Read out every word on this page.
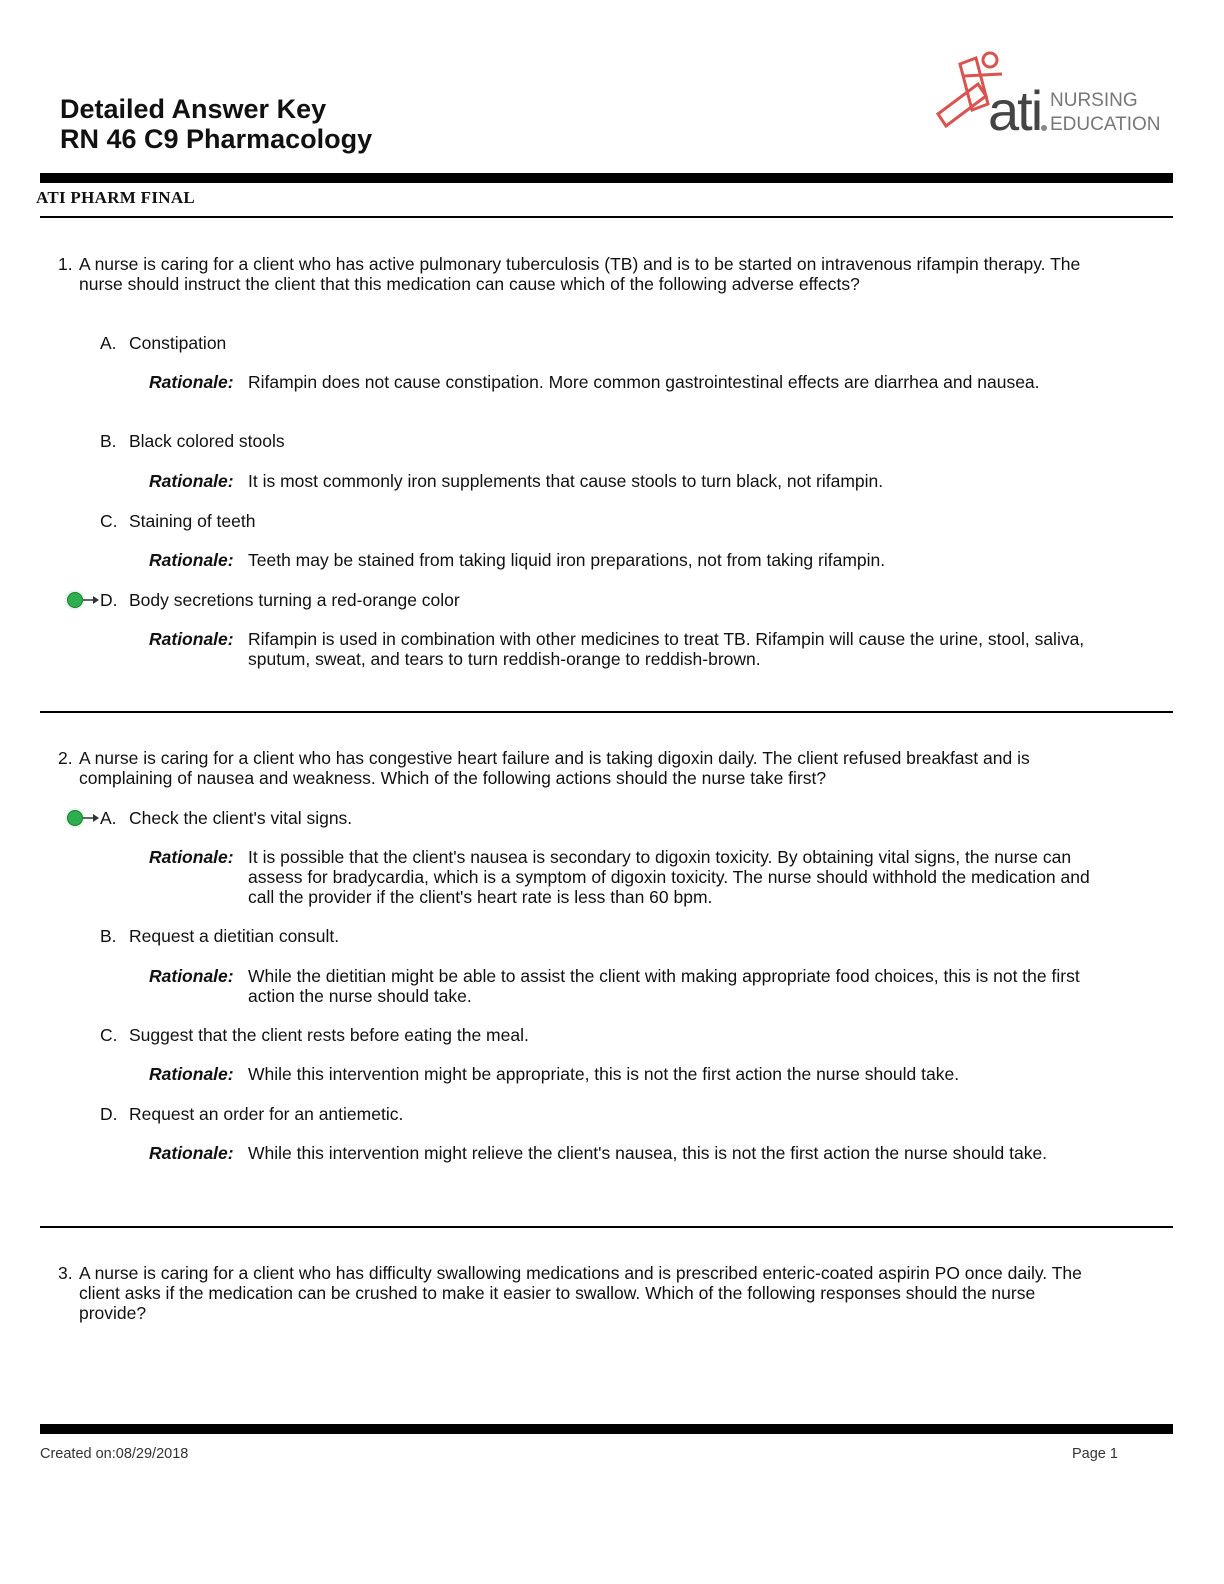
Detailed Answer Key
RN 46 C9 Pharmacology	ati NURSING
EDUCATION
ATI PHARM FINAL
1. A nurse is caring for a client who has active pulmonary tuberculosis (TB) and is to be started on intravenous rifampin therapy. The nurse should instruct the client that this medication can cause which of the following adverse effects?
A. Constipation
Rationale: Rifampin does not cause constipation. More common gastrointestinal effects are diarrhea and nausea.
B. Black colored stools
Rationale: It is most commonly iron supplements that cause stools to turn black, not rifampin.
C. Staining of teeth
Rationale: Teeth may be stained from taking liquid iron preparations, not from taking rifampin.
D. Body secretions turning a red-orange color
Rationale: Rifampin is used in combination with other medicines to treat TB. Rifampin will cause the urine, stool, saliva, sputum, sweat, and tears to turn reddish-orange to reddish-brown.
2. A nurse is caring for a client who has congestive heart failure and is taking digoxin daily. The client refused breakfast and is complaining of nausea and weakness. Which of the following actions should the nurse take first?
A. Check the client's vital signs.
Rationale: It is possible that the client's nausea is secondary to digoxin toxicity. By obtaining vital signs, the nurse can assess for bradycardia, which is a symptom of digoxin toxicity. The nurse should withhold the medication and call the provider if the client's heart rate is less than 60 bpm.
B. Request a dietitian consult.
Rationale: While the dietitian might be able to assist the client with making appropriate food choices, this is not the first action the nurse should take.
C. Suggest that the client rests before eating the meal.
Rationale: While this intervention might be appropriate, this is not the first action the nurse should take.
D. Request an order for an antiemetic.
Rationale: While this intervention might relieve the client's nausea, this is not the first action the nurse should take.
3. A nurse is caring for a client who has difficulty swallowing medications and is prescribed enteric-coated aspirin PO once daily. The client asks if the medication can be crushed to make it easier to swallow. Which of the following responses should the nurse provide?
Created on:08/29/2018	Page 1
